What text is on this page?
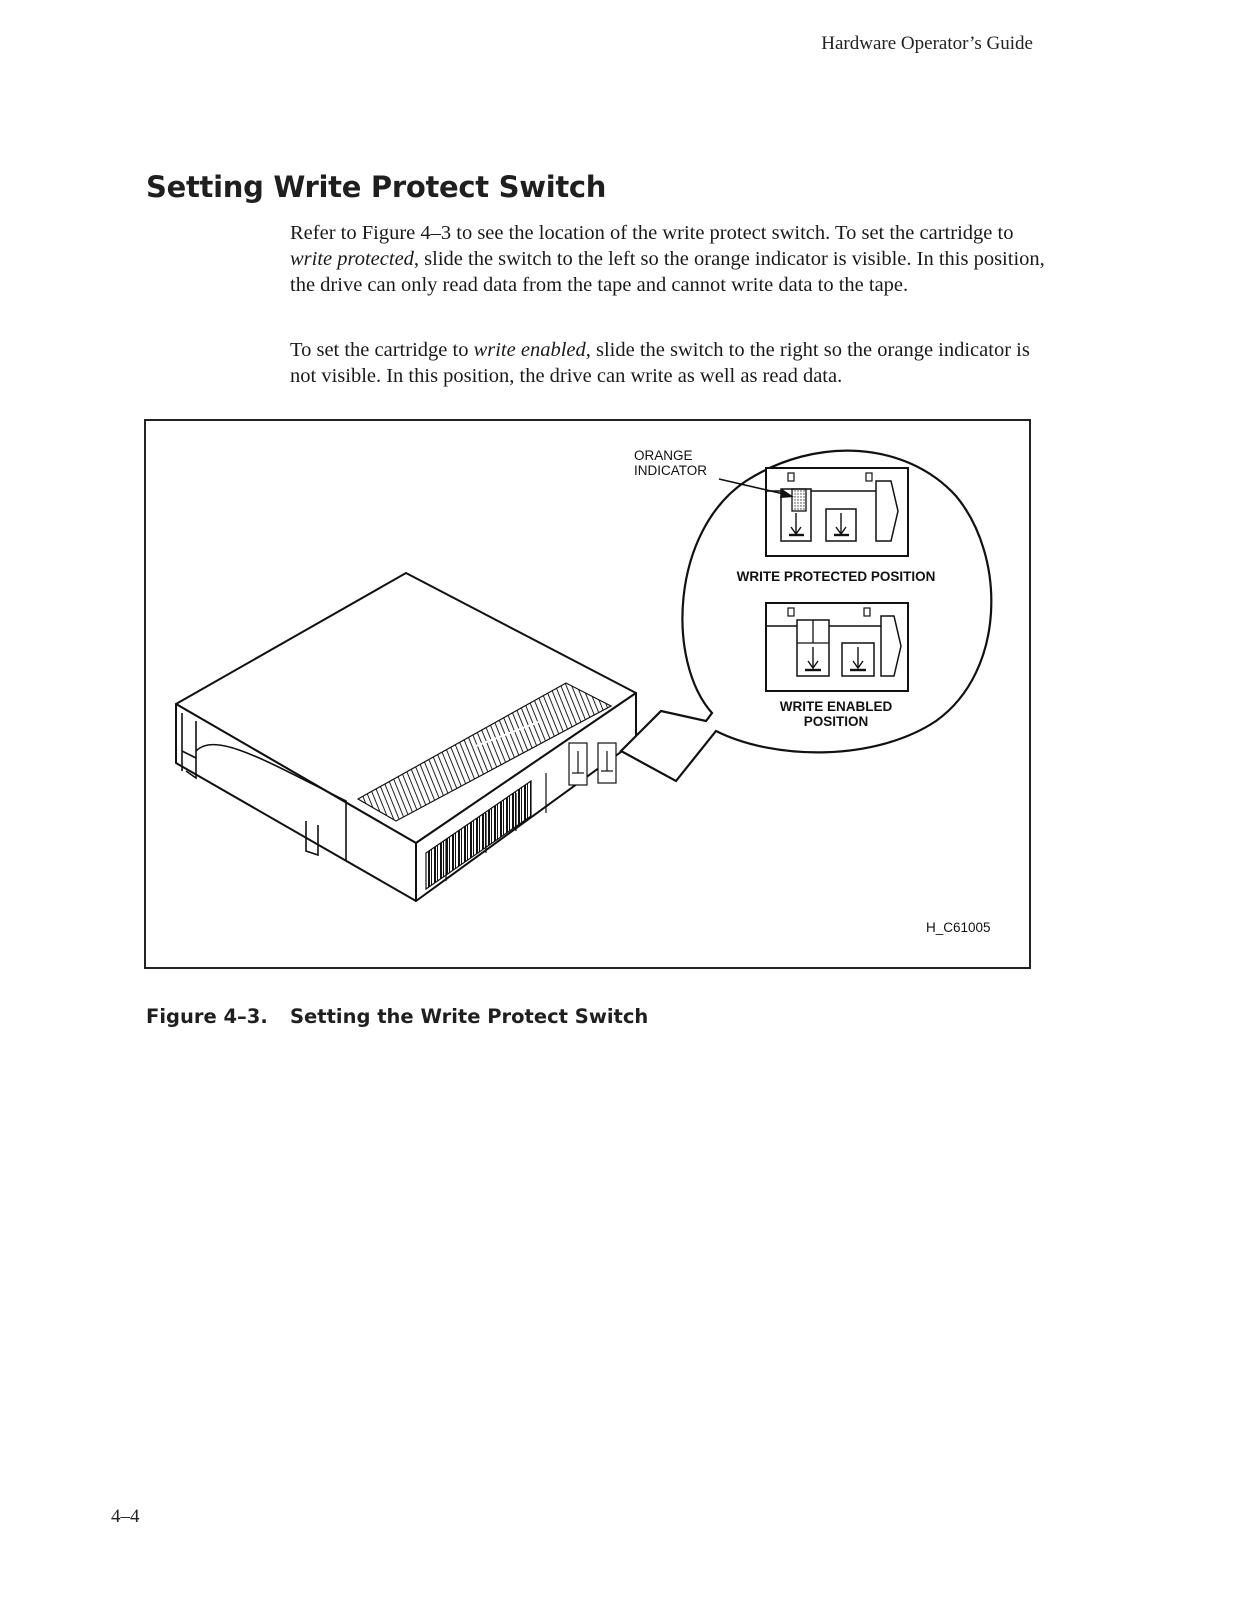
Hardware Operator’s Guide
Setting Write Protect Switch

Refer to Figure 4–3 to see the location of the write protect switch. To set the cartridge to write protected, slide the switch to the left so the orange indicator is visible. In this position, the drive can only read data from the tape and cannot write data to the tape.

To set the cartridge to write enabled, slide the switch to the right so the orange indicator is not visible. In this position, the drive can write as well as read data.

ORANGE
INDICATOR
WRITE PROTECTED POSITION
WRITE ENABLED
POSITION
H_C61005
Figure 4–3. Setting the Write Protect Switch
4–4
